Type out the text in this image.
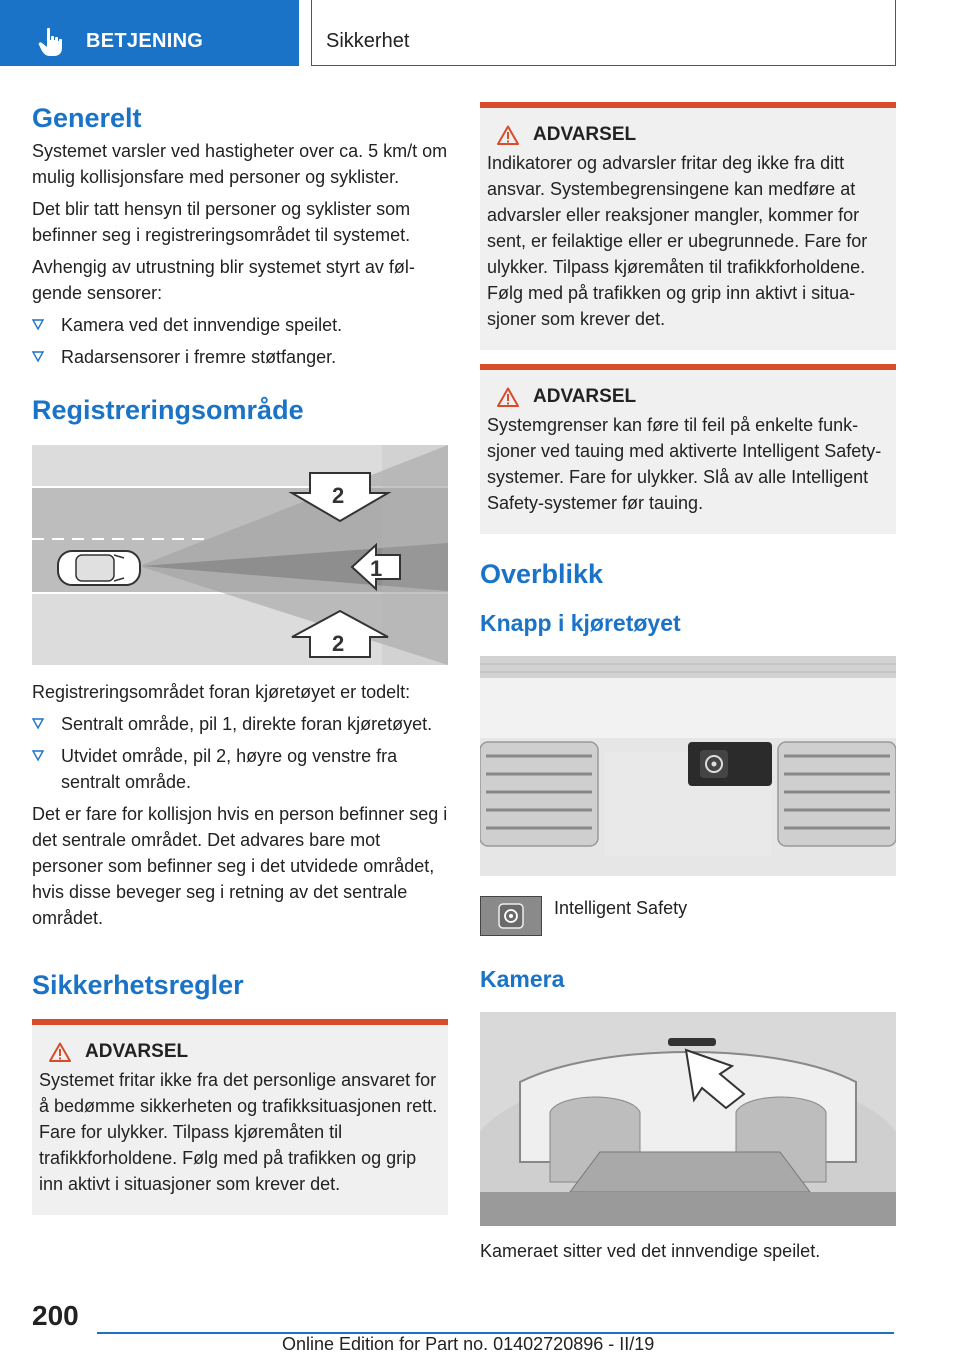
BETJENING	Sikkerhet
Generelt

Systemet varsler ved hastigheter over ca. 5 km/t om mulig kollisjonsfare med personer og syklister.

Det blir tatt hensyn til personer og syklister som befinner seg i registreringsområdet til systemet.

Avhengig av utrustning blir systemet styrt av følgende sensorer:

Kamera ved det innvendige speilet.
Radarsensorer i fremre støtfanger.
Registreringsområde
2
1
2

Registreringsområdet foran kjøretøyet er todelt:

Sentralt område, pil 1, direkte foran kjøretøyet.
Utvidet område, pil 2, høyre og venstre fra sentralt område.

Det er fare for kollisjon hvis en person befinner seg i det sentrale området. Det advares bare mot personer som befinner seg i det utvidede området, hvis disse beveger seg i retning av det sentrale området.

Sikkerhetsregler
ADVARSEL

Systemet fritar ikke fra det personlige ansvaret for å bedømme sikkerheten og trafikksituasjonen rett. Fare for ulykker. Tilpass kjøremåten til trafikkforholdene. Følg med på trafikken og grip inn aktivt i situasjoner som krever det.

ADVARSEL

Indikatorer og advarsler fritar deg ikke fra ditt ansvar. Systembegrensingene kan medføre at advarsler eller reaksjoner mangler, kommer for sent, er feilaktige eller er ubegrunnede. Fare for ulykker. Tilpass kjøremåten til trafikkforholdene. Følg med på trafikken og grip inn aktivt i situasjoner som krever det.

ADVARSEL

Systemgrenser kan føre til feil på enkelte funksjoner ved tauing med aktiverte Intelligent Safety-systemer. Fare for ulykker. Slå av alle Intelligent Safety-systemer før tauing.

Overblikk
Knapp i kjøretøyet
Intelligent Safety
Kamera

Kameraet sitter ved det innvendige speilet.

200
Online Edition for Part no. 01402720896 - II/19
